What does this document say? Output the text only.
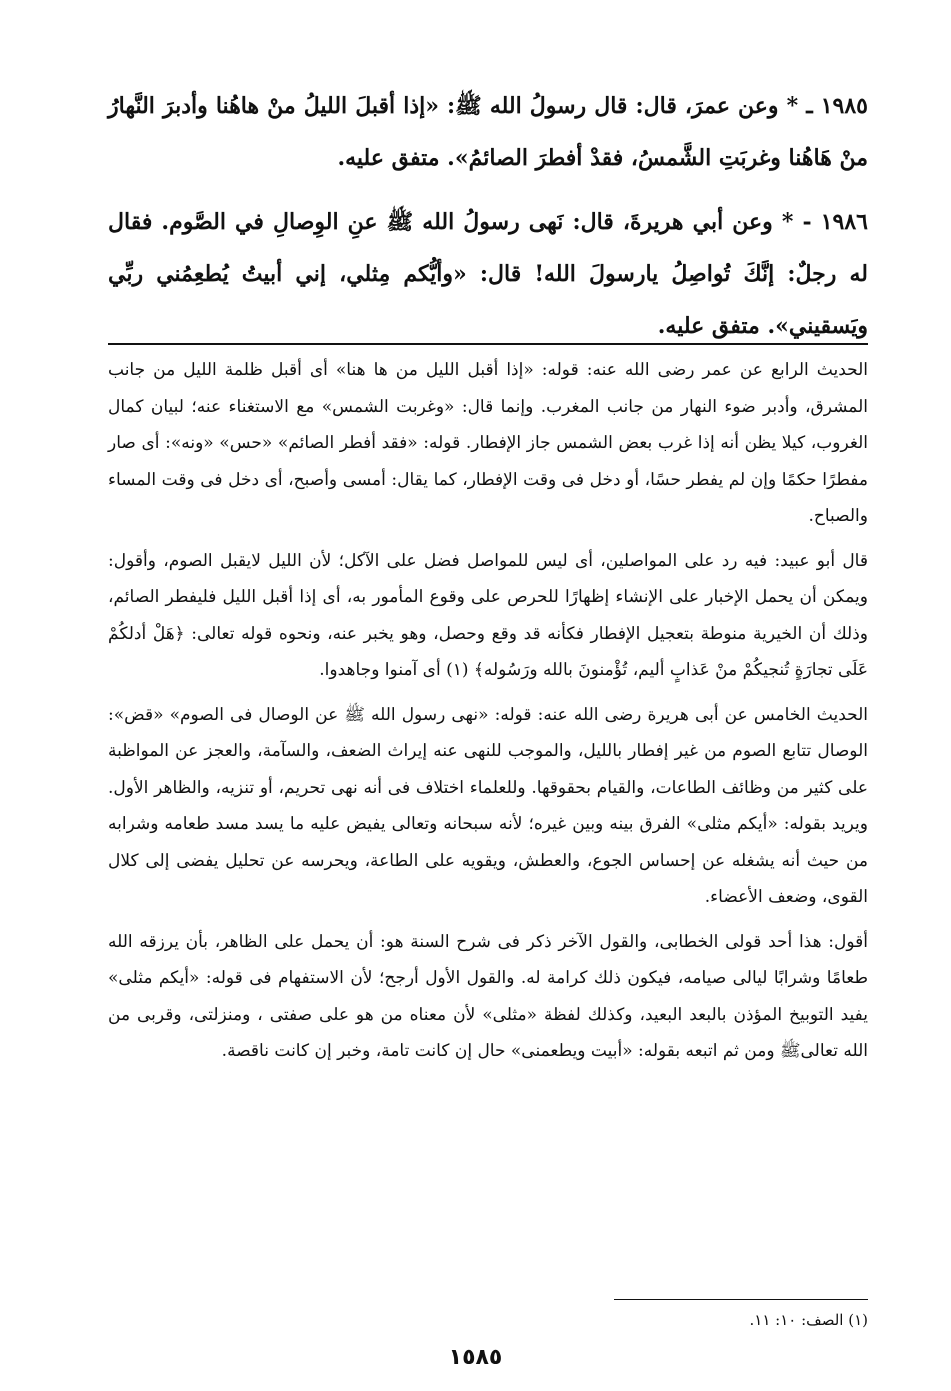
١٩٨٥ ـ * وعن عمرَ، قال: قال رسولُ الله ﷺ: «إذا أقبلَ الليلُ منْ هاهُنا وأدبرَ النَّهارُ منْ هَاهُنا وغربَتِ الشَّمسُ، فقدْ أفطرَ الصائمُ». متفق عليه.

١٩٨٦ - * وعن أبي هريرةَ، قال: نَهى رسولُ الله ﷺ عنِ الوِصالِ في الصَّوم. فقال له رجلٌ: إنَّكَ تُواصِلُ يارسولَ الله! قال: «وأيُّكم مِثلي، إني أبيتُ يُطعِمُني ربِّي ويَسقيني». متفق عليه.

الحديث الرابع عن عمر رضى الله عنه: قوله: «إذا أقبل الليل من ها هنا» أى أقبل ظلمة الليل من جانب المشرق، وأدبر ضوء النهار من جانب المغرب. وإنما قال: «وغربت الشمس» مع الاستغناء عنه؛ لبيان كمال الغروب، كيلا يظن أنه إذا غرب بعض الشمس جاز الإفطار. قوله: «فقد أفطر الصائم» «حس» «ونه»: أى صار مفطرًا حكمًا وإن لم يفطر حسًا، أو دخل فى وقت الإفطار، كما يقال: أمسى وأصبح، أى دخل فى وقت المساء والصباح.

قال أبو عبيد: فيه رد على المواصلين، أى ليس للمواصل فضل على الآكل؛ لأن الليل لايقبل الصوم، وأقول: ويمكن أن يحمل الإخبار على الإنشاء إظهارًا للحرص على وقوع المأمور به، أى إذا أقبل الليل فليفطر الصائم، وذلك أن الخيرية منوطة بتعجيل الإفطار فكأنه قد وقع وحصل، وهو يخبر عنه، ونحوه قوله تعالى: ﴿هَلْ أدلكُمْ عَلَى تجارَةٍ تُنجيكُمْ منْ عَذابٍ أليم، تُؤْمنونَ بالله ورَسُوله﴾ (١) أى آمنوا وجاهدوا.

الحديث الخامس عن أبى هريرة رضى الله عنه: قوله: «نهى رسول الله ﷺ عن الوصال فى الصوم» «قض»: الوصال تتابع الصوم من غير إفطار بالليل، والموجب للنهى عنه إيراث الضعف، والسآمة، والعجز عن المواظبة على كثير من وظائف الطاعات، والقيام بحقوقها. وللعلماء اختلاف فى أنه نهى تحريم، أو تنزيه، والظاهر الأول. ويريد بقوله: «أيكم مثلى» الفرق بينه وبين غيره؛ لأنه سبحانه وتعالى يفيض عليه ما يسد مسد طعامه وشرابه من حيث أنه يشغله عن إحساس الجوع، والعطش، ويقويه على الطاعة، ويحرسه عن تحليل يفضى إلى كلال القوى، وضعف الأعضاء.

أقول: هذا أحد قولى الخطابى، والقول الآخر ذكر فى شرح السنة هو: أن يحمل على الظاهر، بأن يرزقه الله طعامًا وشرابًا ليالى صيامه، فيكون ذلك كرامة له. والقول الأول أرجح؛ لأن الاستفهام فى قوله: «أيكم مثلى» يفيد التوبيخ المؤذن بالبعد البعيد، وكذلك لفظة «مثلى» لأن معناه من هو على صفتى ، ومنزلتى، وقربى من الله تعالىﷺ ومن ثم اتبعه بقوله: «أبيت ويطعمنى» حال إن كانت تامة، وخبر إن كانت ناقصة.

(١) الصف: ١٠: ١١.
١٥٨٥
